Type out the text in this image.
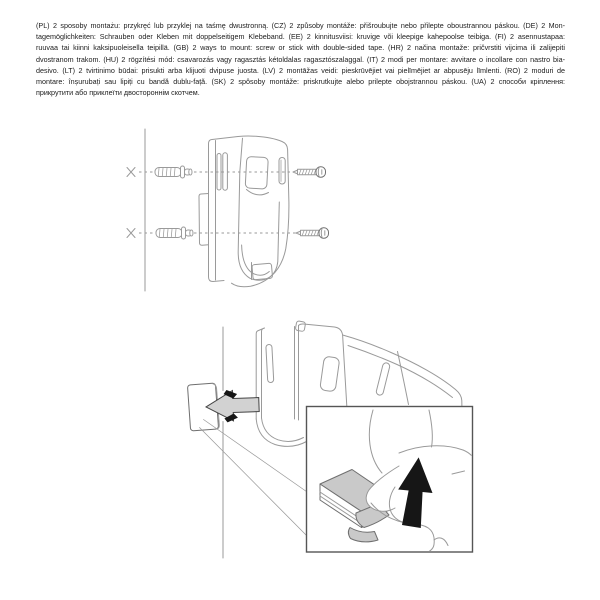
(PL) 2 sposoby montażu: przykręć lub przyklej na taśmę dwustronną. (CZ) 2 způsoby montáže: přišroubujte nebo přilepte oboustrannou páskou. (DE) 2 Mon-
tagemöglichkeiten: Schrauben oder Kleben mit doppelseitigem Klebeband. (EE) 2 kinnitusviisi: kruvige või kleepige kahepoolse teibiga. (FI) 2 asennustapaa:
ruuvaa tai kiinni kaksipuoleisella teipillä. (GB) 2 ways to mount: screw or stick with double-sided tape. (HR) 2 načina montaže: pričvrstiti vijcima ili zalijepiti
dvostranom trakom. (HU) 2 rögzítési mód: csavarozás vagy ragasztás kétoldalas ragasztószalaggal. (IT) 2 modi per montare: avvitare o incollare con nastro bia-
desivo. (LT) 2 tvirtinimo būdai: prisukti arba klijuoti dvipuse juosta. (LV) 2 montāžas veidi: pieskrūvējiet vai pielīmējiet ar abpusēju līmlenti. (RO) 2 moduri de
montare: înșurubați sau lipiți cu bandă dublu-față. (SK) 2 spôsoby montáže: priskrutkujte alebo prilepte obojstrannou páskou. (UA) 2 способи кріплення:
прикрутити або приклеїти двостороннім скотчем.
